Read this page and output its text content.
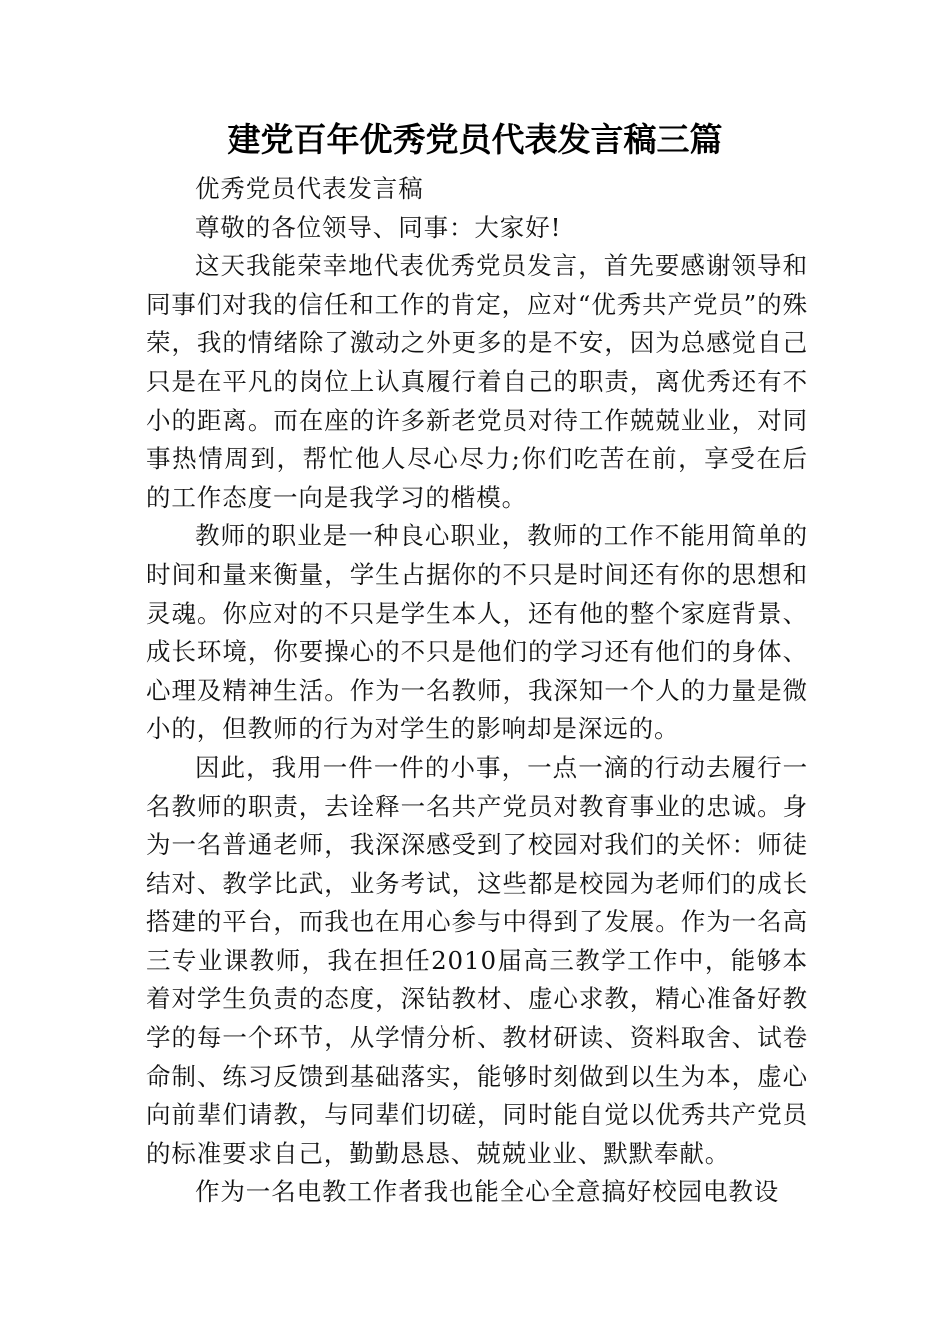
建党百年优秀党员代表发言稿三篇

优秀党员代表发言稿

尊敬的各位领导、同事：大家好!

这天我能荣幸地代表优秀党员发言，首先要感谢领导和同事们对我的信任和工作的肯定，应对“优秀共产党员”的殊荣，我的情绪除了激动之外更多的是不安，因为总感觉自己只是在平凡的岗位上认真履行着自己的职责，离优秀还有不小的距离。而在座的许多新老党员对待工作兢兢业业，对同事热情周到，帮忙他人尽心尽力;你们吃苦在前，享受在后的工作态度一向是我学习的楷模。

教师的职业是一种良心职业，教师的工作不能用简单的时间和量来衡量，学生占据你的不只是时间还有你的思想和灵魂。你应对的不只是学生本人，还有他的整个家庭背景、成长环境，你要操心的不只是他们的学习还有他们的身体、心理及精神生活。作为一名教师，我深知一个人的力量是微小的，但教师的行为对学生的影响却是深远的。

因此，我用一件一件的小事，一点一滴的行动去履行一名教师的职责，去诠释一名共产党员对教育事业的忠诚。身为一名普通老师，我深深感受到了校园对我们的关怀：师徒结对、教学比武，业务考试，这些都是校园为老师们的成长搭建的平台，而我也在用心参与中得到了发展。作为一名高三专业课教师，我在担任2010届高三教学工作中，能够本着对学生负责的态度，深钻教材、虚心求教，精心准备好教学的每一个环节，从学情分析、教材研读、资料取舍、试卷命制、练习反馈到基础落实，能够时刻做到以生为本，虚心向前辈们请教，与同辈们切磋，同时能自觉以优秀共产党员的标准要求自己，勤勤恳恳、兢兢业业、默默奉献。

作为一名电教工作者我也能全心全意搞好校园电教设
